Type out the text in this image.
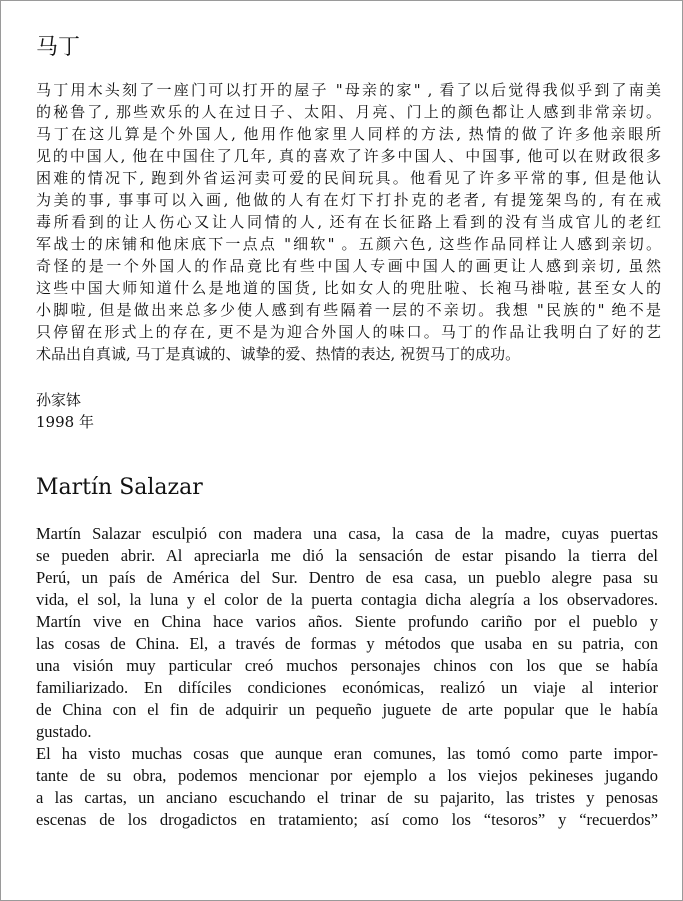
马丁
马丁用木头刻了一座门可以打开的屋子 "母亲的家" , 看了以后觉得我似乎到了南美
的秘鲁了, 那些欢乐的人在过日子、太阳、月亮、门上的颜色都让人感到非常亲切。
马丁在这儿算是个外国人, 他用作他家里人同样的方法, 热情的做了许多他亲眼所
见的中国人, 他在中国住了几年, 真的喜欢了许多中国人、中国事, 他可以在财政很多
困难的情况下, 跑到外省运河卖可爱的民间玩具。他看见了许多平常的事, 但是他认
为美的事, 事事可以入画, 他做的人有在灯下打扑克的老者, 有提笼架鸟的, 有在戒
毒所看到的让人伤心又让人同情的人, 还有在长征路上看到的没有当成官儿的老红
军战士的床铺和他床底下一点点 "细软" 。五颜六色, 这些作品同样让人感到亲切。
奇怪的是一个外国人的作品竟比有些中国人专画中国人的画更让人感到亲切, 虽然
这些中国大师知道什么是地道的国货, 比如女人的兜肚啦、长袍马褂啦, 甚至女人的
小脚啦, 但是做出来总多少使人感到有些隔着一层的不亲切。我想 "民族的" 绝不是
只停留在形式上的存在, 更不是为迎合外国人的味口。马丁的作品让我明白了好的艺
术品出自真诚, 马丁是真诚的、诚挚的爱、热情的表达, 祝贺马丁的成功。
孙家钵
1998 年
Martín Salazar
Martín Salazar esculpió con madera una casa, la casa de la madre, cuyas puertas
se pueden abrir. Al apreciarla me dió la sensación de estar pisando la tierra del
Perú, un país de América del Sur. Dentro de esa casa, un pueblo alegre pasa su
vida, el sol, la luna y el color de la puerta contagia dicha alegría a los observadores.
Martín vive en China hace varios años. Siente profundo cariño por el pueblo y
las cosas de China. El, a través de formas y métodos que usaba en su patria, con
una visión muy particular creó muchos personajes chinos con los que se había
familiarizado. En difíciles condiciones económicas, realizó un viaje al interior
de China con el fin de adquirir un pequeño juguete de arte popular que le había
gustado.
El ha visto muchas cosas que aunque eran comunes, las tomó como parte impor-
tante de su obra, podemos mencionar por ejemplo a los viejos pekineses jugando
a las cartas, un anciano escuchando el trinar de su pajarito, las tristes y penosas
escenas de los drogadictos en tratamiento; así como los “tesoros” y “recuerdos”
